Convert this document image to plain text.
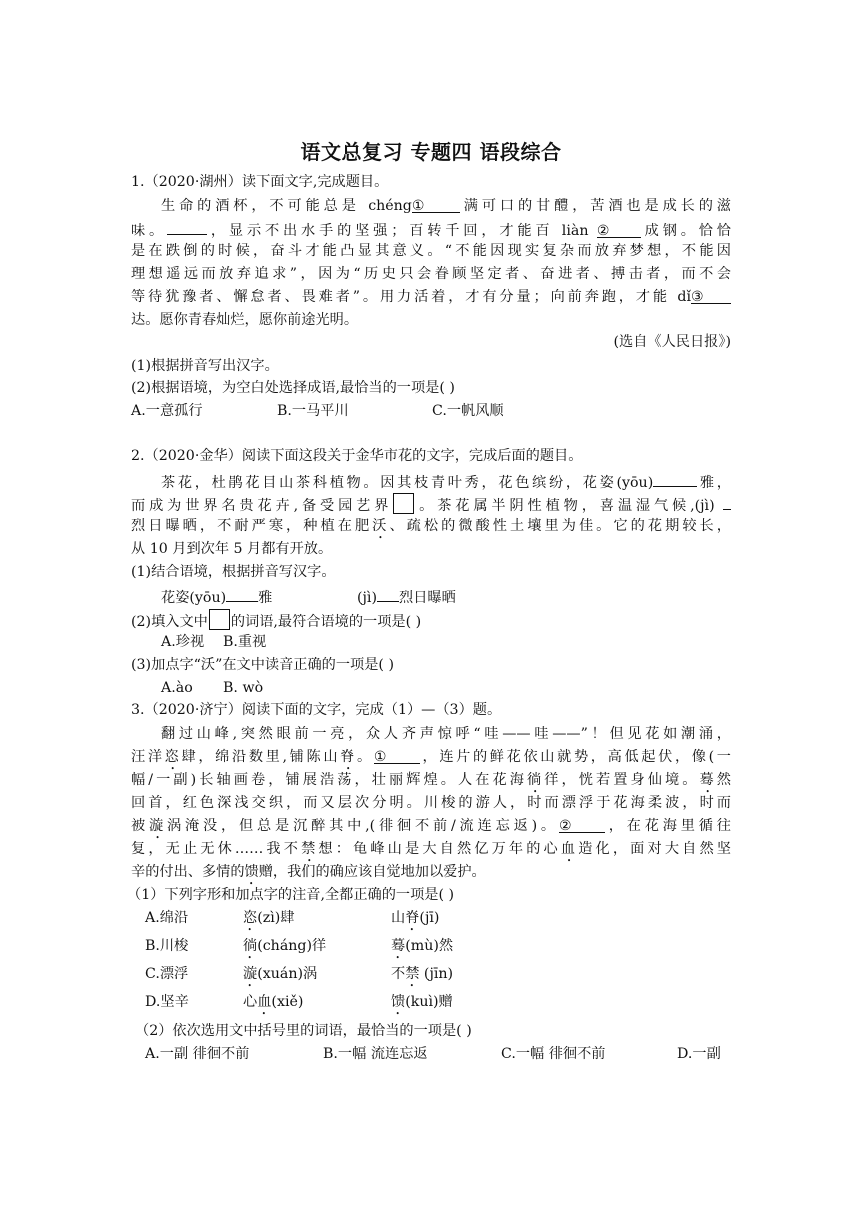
语文总复习 专题四 语段综合
1.（2020·湖州）读下面文字,完成题目。
生命的酒杯，不可能总是 chéng① 满可口的甘醴，苦酒也是成长的滋
味。	，显示不出水手的坚强；百转千回，才能百 liàn ② 成钢。恰恰
是在跌倒的时候，奋斗才能凸显其意义。“不能因现实复杂而放弃梦想，不能因
理想遥远而放弃追求”，因为“历史只会眷顾坚定者、奋进者、搏击者，而不会
等待犹豫者、懈怠者、畏难者”。用力活着，才有分量；向前奔跑，才能 dǐ③
达。愿你青春灿烂，愿你前途光明。
(选自《人民日报》)
(1)根据拼音写出汉字。
(2)根据语境，为空白处选择成语,最恰当的一项是( )
A.一意孤行	B.一马平川	C.一帆风顺
2.（2020·金华）阅读下面这段关于金华市花的文字，完成后面的题目。
茶花，杜鹃花目山茶科植物。因其枝青叶秀，花色缤纷，花姿(yōu)	雅，
而成为世界名贵花卉,备受园艺界 。茶花属半阴性植物，喜温湿气候,(jì)
烈日曝晒，不耐严寒，种植在肥沃、疏松的微酸性土壤里为佳。它的花期较长，
从 10 月到次年 5 月都有开放。
(1)结合语境，根据拼音写汉字。
花姿(yōu) 雅	(jì) 烈日曝晒
(2)填入文中 的词语,最符合语境的一项是( )
A.珍视 B.重视
(3)加点字“沃”在文中读音正确的一项是( )
A.ào B. wò
3.（2020·济宁）阅读下面的文字，完成（1）—（3）题。
翻过山峰,突然眼前一亮，众人齐声惊呼“哇——哇——”！但见花如潮涌，
汪洋恣肆，绵沿数里,铺陈山脊。① ，连片的鲜花依山就势，高低起伏，像(一
幅/一副)长轴画卷，铺展浩荡，壮丽辉煌。人在花海徜徉，恍若置身仙境。蓦然
回首，红色深浅交织，而又层次分明。川梭的游人，时而漂浮于花海柔波，时而
被漩涡淹没，但总是沉醉其中,(徘徊不前/流连忘返)。② ，在花海里循往
复，无止无休……我不禁想：龟峰山是大自然亿万年的心血造化，面对大自然坚
辛的付出、多情的馈赠，我们的确应该自觉地加以爱护。
（1）下列字形和加点字的注音,全都正确的一项是( )
A.绵沿	恣(zì)肆	山脊(jī)
B.川梭	徜(cháng)徉	蓦(mù)然
C.漂浮	漩(xuán)涡	不禁 (jīn)
D.坚辛	心血(xiě)	馈(kuì)赠
（2）依次选用文中括号里的词语，最恰当的一项是( )
A.一副 徘徊不前	B.一幅 流连忘返	C.一幅 徘徊不前	D.一副
